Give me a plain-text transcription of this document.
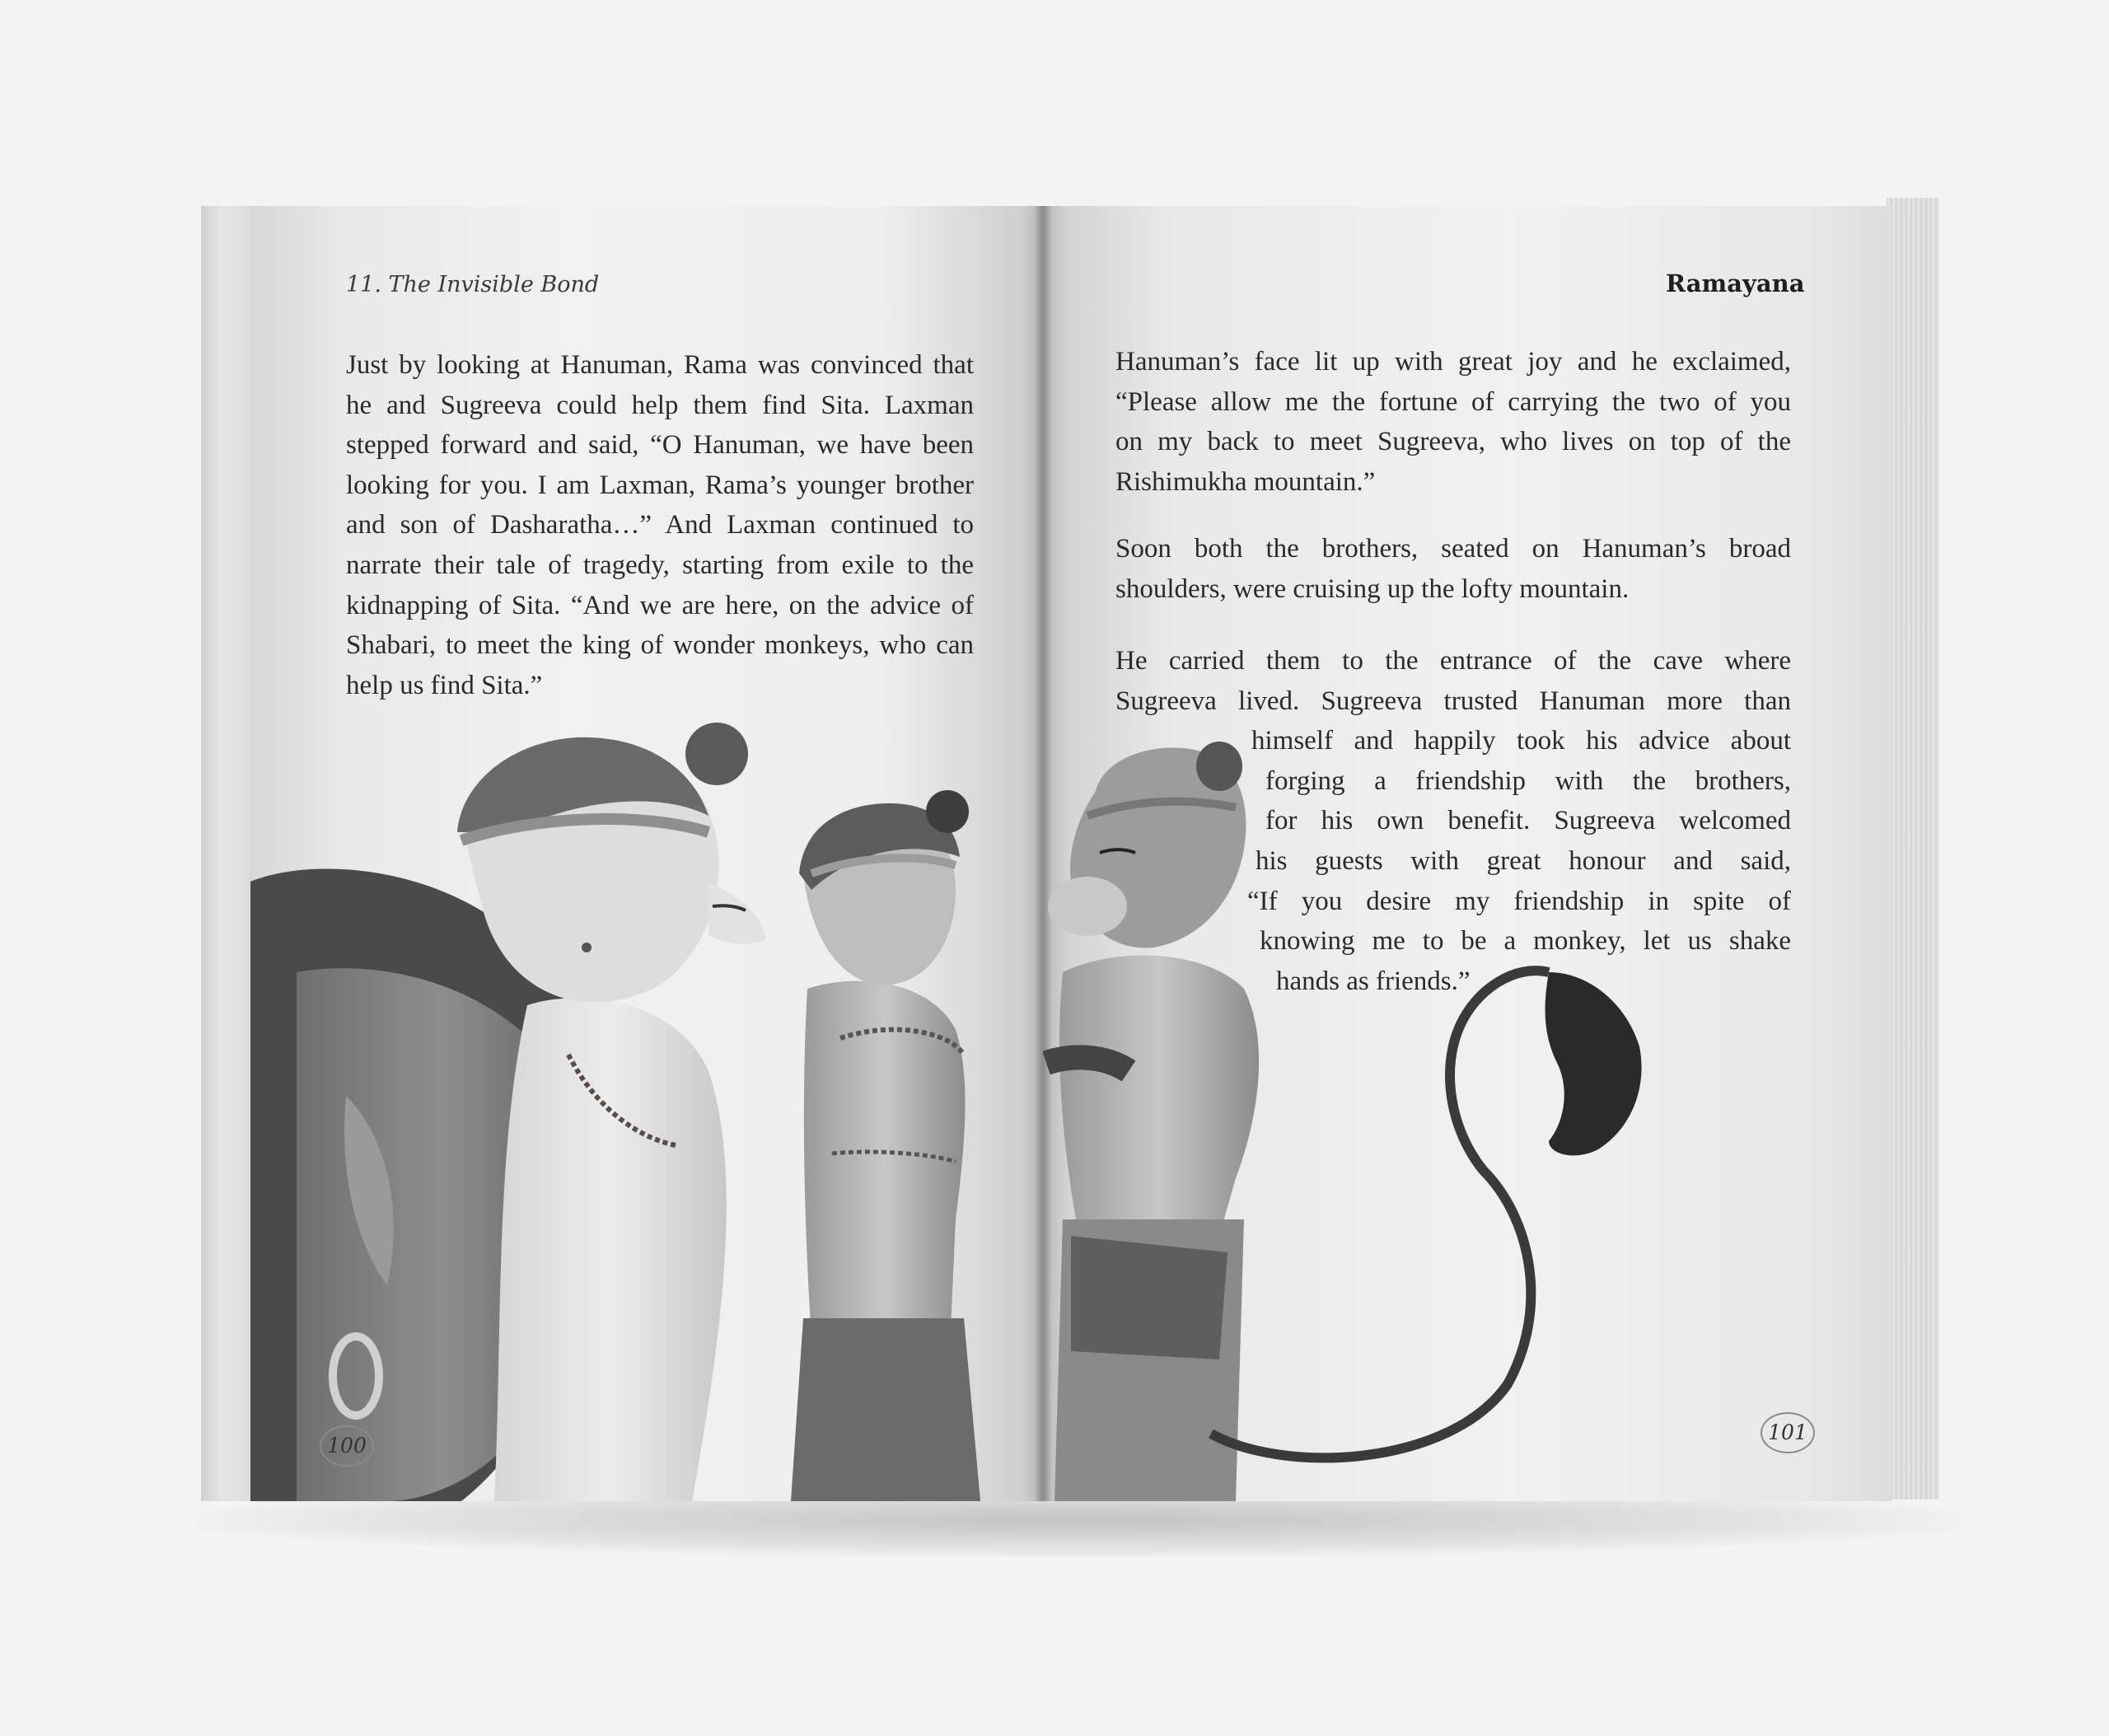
11. The Invisible Bond	Ramayana
Just by looking at Hanuman, Rama was convinced that
he and Sugreeva could help them find Sita. Laxman
stepped forward and said, “O Hanuman, we have been
looking for you. I am Laxman, Rama’s younger brother
and son of Dasharatha…” And Laxman continued to
narrate their tale of tragedy, starting from exile to the
kidnapping of Sita. “And we are here, on the advice of
Shabari, to meet the king of wonder monkeys, who can
help us find Sita.”
Hanuman’s face lit up with great joy and he exclaimed,
“Please allow me the fortune of carrying the two of you
on my back to meet Sugreeva, who lives on top of the
Rishimukha mountain.”
Soon both the brothers, seated on Hanuman’s broad
shoulders, were cruising up the lofty mountain.
He carried them to the entrance of the cave where
Sugreeva lived. Sugreeva trusted Hanuman more than
himself and happily took his advice about
forging a friendship with the brothers,
for his own benefit. Sugreeva welcomed
his guests with great honour and said,
“If you desire my friendship in spite of
knowing me to be a monkey, let us shake
hands as friends.”
100
101
